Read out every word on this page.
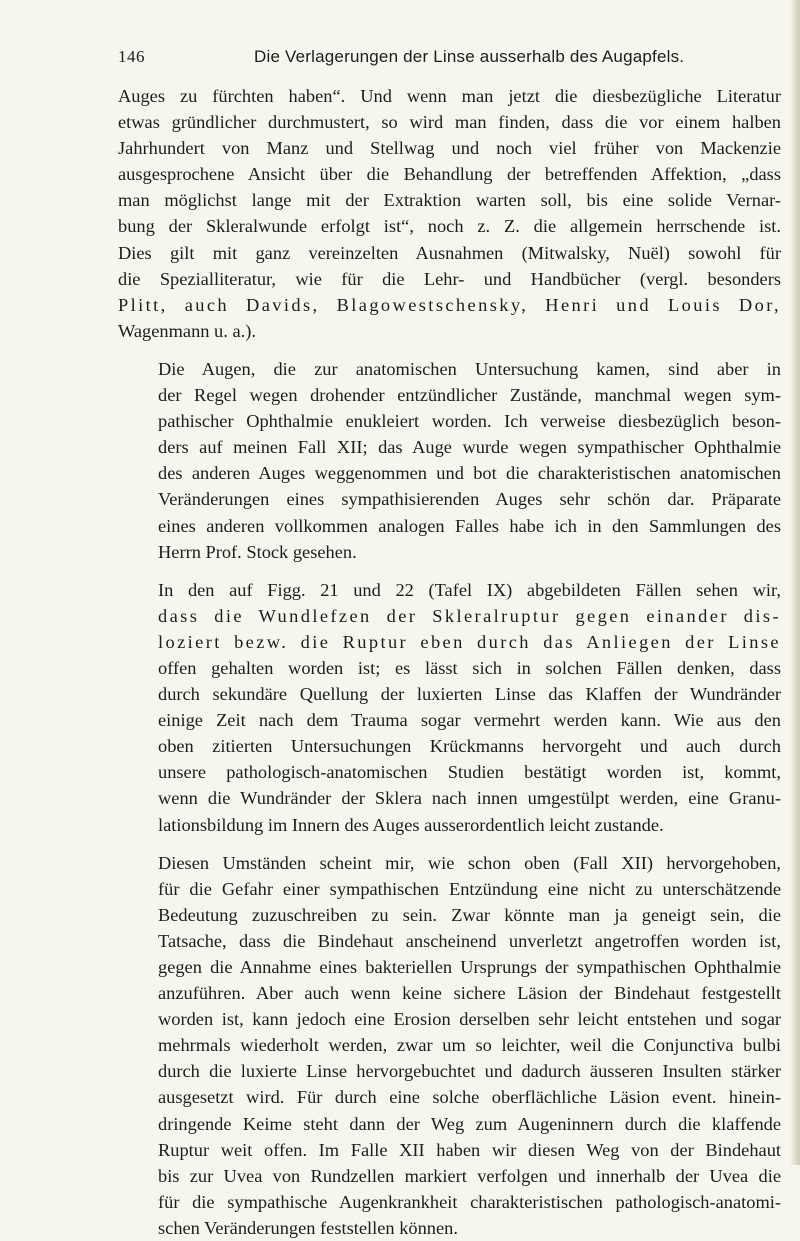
146	Die Verlagerungen der Linse ausserhalb des Augapfels.

Auges zu fürchten haben“. Und wenn man jetzt die diesbezügliche Literatur
etwas gründlicher durchmustert, so wird man finden, dass die vor einem halben
Jahrhundert von Manz und Stellwag und noch viel früher von Mackenzie
ausgesprochene Ansicht über die Behandlung der betreffenden Affektion, „dass
man möglichst lange mit der Extraktion warten soll, bis eine solide Vernar-
bung der Skleralwunde erfolgt ist“, noch z. Z. die allgemein herrschende ist.
Dies gilt mit ganz vereinzelten Ausnahmen (Mitwalsky, Nuël) sowohl für
die Spezialliteratur, wie für die Lehr- und Handbücher (vergl. besonders
Plitt, auch Davids, Blagowestschensky, Henri und Louis Dor,
Wagenmann u. a.).

Die Augen, die zur anatomischen Untersuchung kamen, sind aber in
der Regel wegen drohender entzündlicher Zustände, manchmal wegen sym-
pathischer Ophthalmie enukleiert worden. Ich verweise diesbezüglich beson-
ders auf meinen Fall XII; das Auge wurde wegen sympathischer Ophthalmie
des anderen Auges weggenommen und bot die charakteristischen anatomischen
Veränderungen eines sympathisierenden Auges sehr schön dar. Präparate
eines anderen vollkommen analogen Falles habe ich in den Sammlungen des
Herrn Prof. Stock gesehen.

In den auf Figg. 21 und 22 (Tafel IX) abgebildeten Fällen sehen wir,
dass die Wundlefzen der Skleralruptur gegen einander dis-
loziert bezw. die Ruptur eben durch das Anliegen der Linse
offen gehalten worden ist; es lässt sich in solchen Fällen denken, dass
durch sekundäre Quellung der luxierten Linse das Klaffen der Wundränder
einige Zeit nach dem Trauma sogar vermehrt werden kann. Wie aus den
oben zitierten Untersuchungen Krückmanns hervorgeht und auch durch
unsere pathologisch-anatomischen Studien bestätigt worden ist, kommt,
wenn die Wundränder der Sklera nach innen umgestülpt werden, eine Granu-
lationsbildung im Innern des Auges ausserordentlich leicht zustande.

Diesen Umständen scheint mir, wie schon oben (Fall XII) hervorgehoben,
für die Gefahr einer sympathischen Entzündung eine nicht zu unterschätzende
Bedeutung zuzuschreiben zu sein. Zwar könnte man ja geneigt sein, die
Tatsache, dass die Bindehaut anscheinend unverletzt angetroffen worden ist,
gegen die Annahme eines bakteriellen Ursprungs der sympathischen Ophthalmie
anzuführen. Aber auch wenn keine sichere Läsion der Bindehaut festgestellt
worden ist, kann jedoch eine Erosion derselben sehr leicht entstehen und sogar
mehrmals wiederholt werden, zwar um so leichter, weil die Conjunctiva bulbi
durch die luxierte Linse hervorgebuchtet und dadurch äusseren Insulten stärker
ausgesetzt wird. Für durch eine solche oberflächliche Läsion event. hinein-
dringende Keime steht dann der Weg zum Augeninnern durch die klaffende
Ruptur weit offen. Im Falle XII haben wir diesen Weg von der Bindehaut
bis zur Uvea von Rundzellen markiert verfolgen und innerhalb der Uvea die
für die sympathische Augenkrankheit charakteristischen pathologisch-anatomi-
schen Veränderungen feststellen können.
